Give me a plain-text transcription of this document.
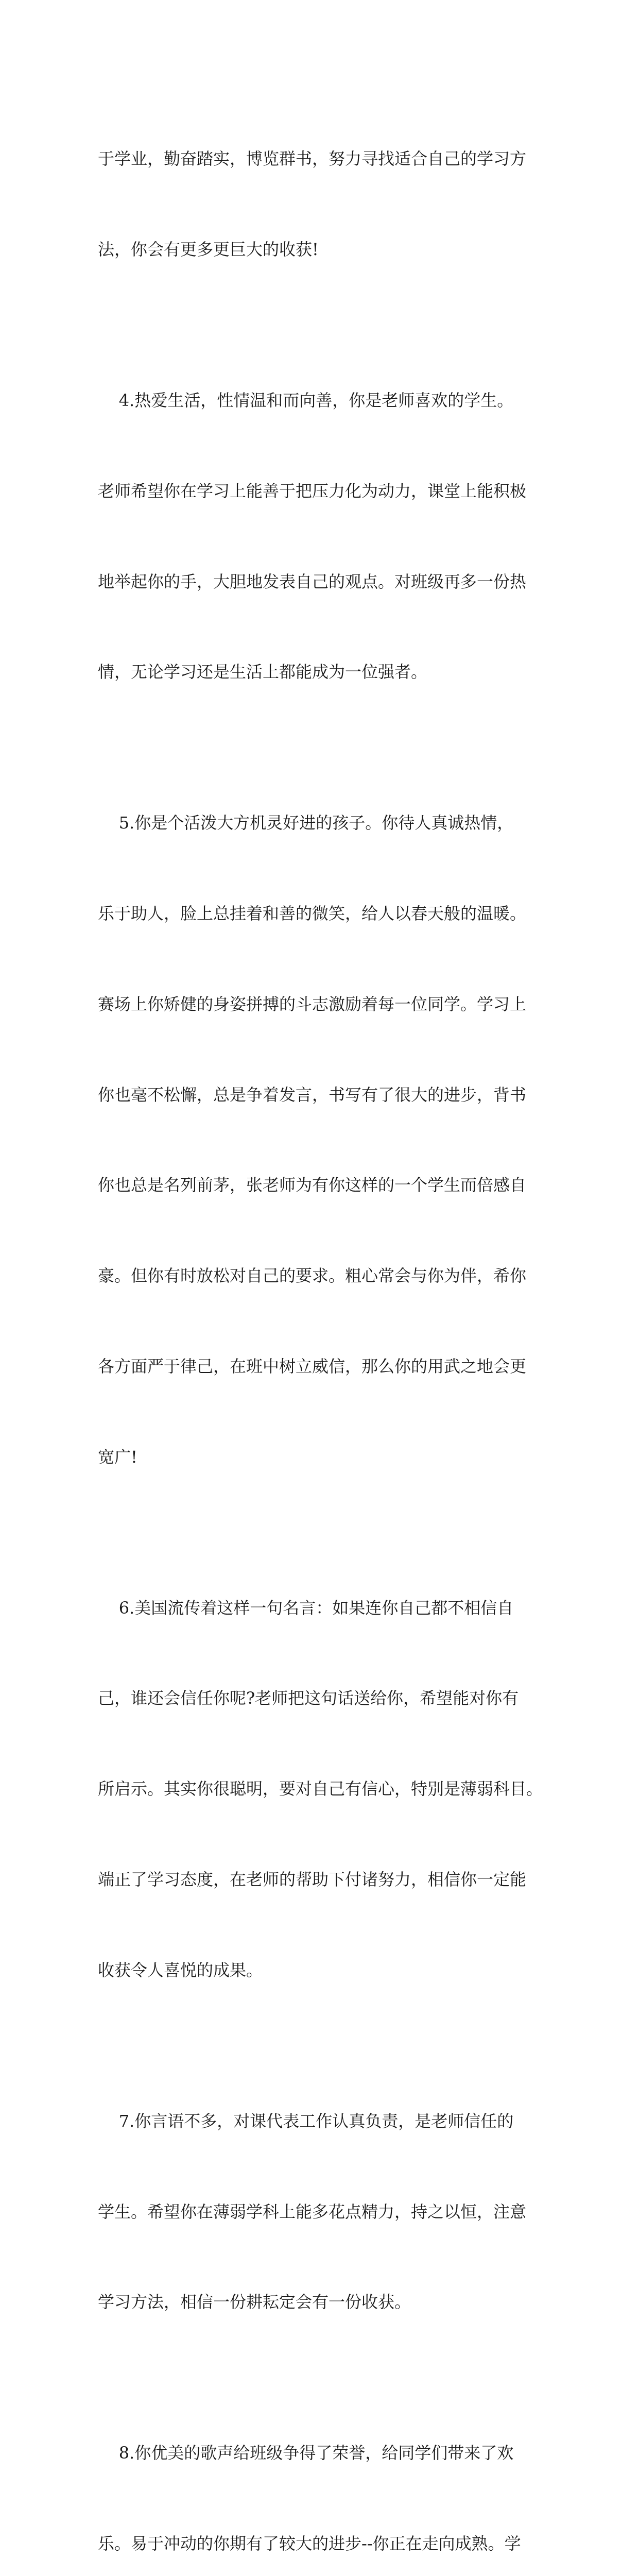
于学业，勤奋踏实，博览群书，努力寻找适合自己的学习方

法，你会有更多更巨大的收获!

4.热爱生活，性情温和而向善，你是老师喜欢的学生。

老师希望你在学习上能善于把压力化为动力，课堂上能积极

地举起你的手，大胆地发表自己的观点。对班级再多一份热

情，无论学习还是生活上都能成为一位强者。

5.你是个活泼大方机灵好进的孩子。你待人真诚热情，

乐于助人，脸上总挂着和善的微笑，给人以春天般的温暖。

赛场上你矫健的身姿拼搏的斗志激励着每一位同学。学习上

你也毫不松懈，总是争着发言，书写有了很大的进步，背书

你也总是名列前茅，张老师为有你这样的一个学生而倍感自

豪。但你有时放松对自己的要求。粗心常会与你为伴，希你

各方面严于律己，在班中树立威信，那么你的用武之地会更

宽广!

6.美国流传着这样一句名言：如果连你自己都不相信自

己，谁还会信任你呢?老师把这句话送给你，希望能对你有

所启示。其实你很聪明，要对自己有信心，特别是薄弱科目。

端正了学习态度，在老师的帮助下付诸努力，相信你一定能

收获令人喜悦的成果。

7.你言语不多，对课代表工作认真负责，是老师信任的

学生。希望你在薄弱学科上能多花点精力，持之以恒，注意

学习方法，相信一份耕耘定会有一份收获。

8.你优美的歌声给班级争得了荣誉，给同学们带来了欢

乐。易于冲动的你期有了较大的进步--你正在走向成熟。学
